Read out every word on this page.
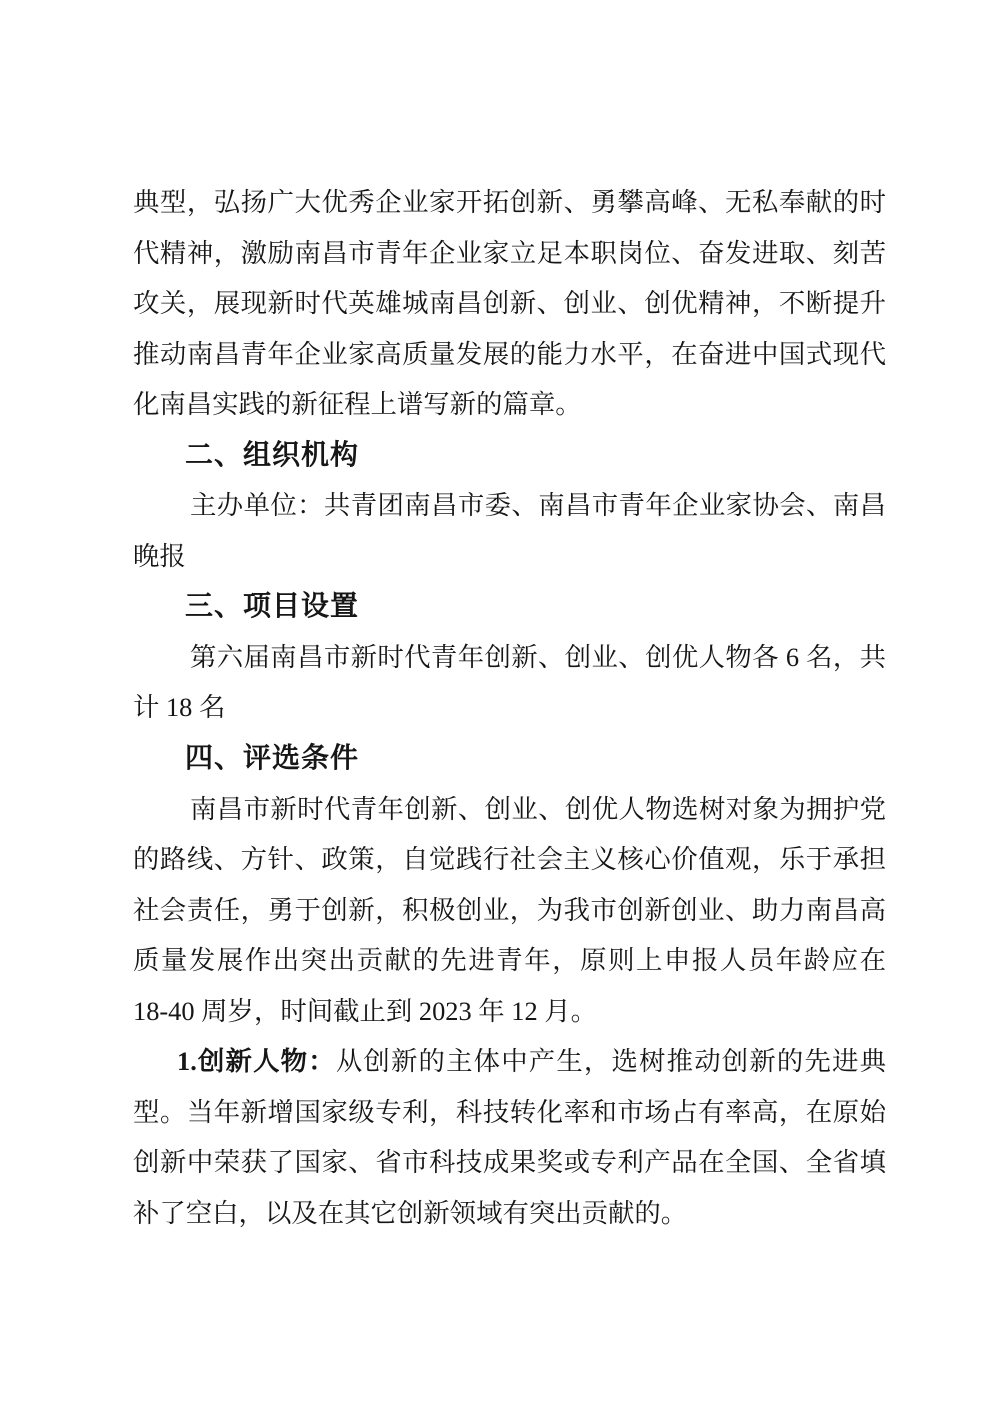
典型，弘扬广大优秀企业家开拓创新、勇攀高峰、无私奉献的时
代精神，激励南昌市青年企业家立足本职岗位、奋发进取、刻苦
攻关，展现新时代英雄城南昌创新、创业、创优精神，不断提升
推动南昌青年企业家高质量发展的能力水平，在奋进中国式现代
化南昌实践的新征程上谱写新的篇章。
二、组织机构
主办单位：共青团南昌市委、南昌市青年企业家协会、南昌
晚报
三、项目设置
第六届南昌市新时代青年创新、创业、创优人物各 6 名，共
计 18 名
四、评选条件
南昌市新时代青年创新、创业、创优人物选树对象为拥护党
的路线、方针、政策，自觉践行社会主义核心价值观，乐于承担
社会责任，勇于创新，积极创业，为我市创新创业、助力南昌高
质量发展作出突出贡献的先进青年，原则上申报人员年龄应在
18-40 周岁，时间截止到 2023 年 12 月。
1.创新人物：从创新的主体中产生，选树推动创新的先进典
型。当年新增国家级专利，科技转化率和市场占有率高，在原始
创新中荣获了国家、省市科技成果奖或专利产品在全国、全省填
补了空白，以及在其它创新领域有突出贡献的。
